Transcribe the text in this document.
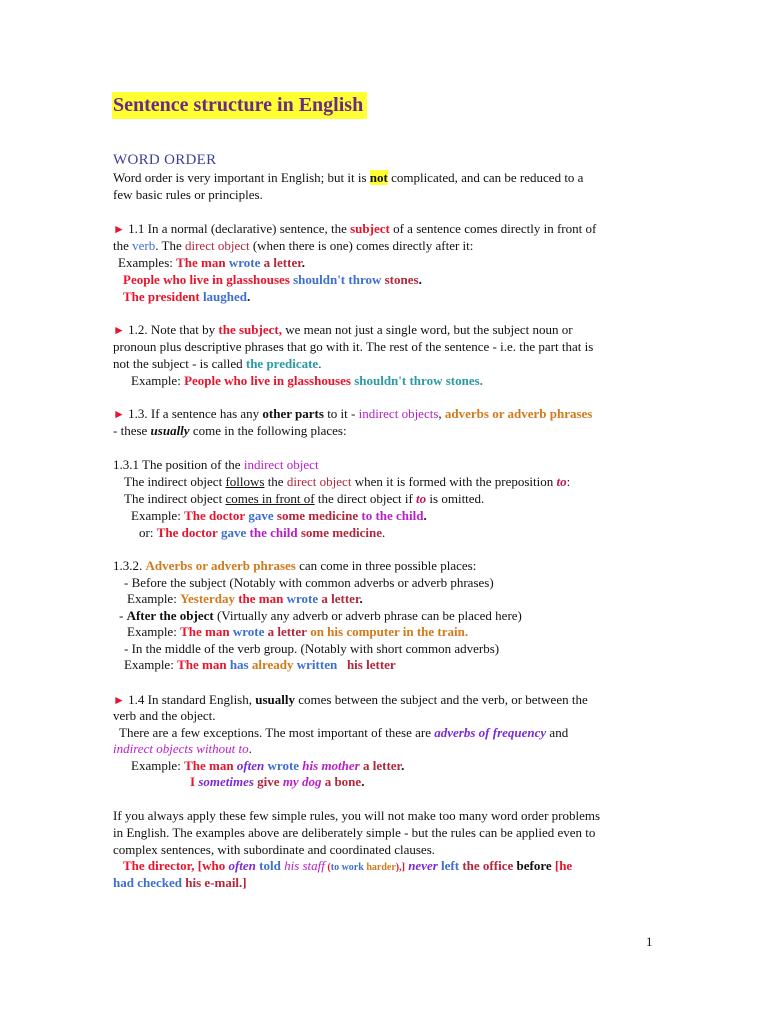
Sentence structure in English
WORD ORDER
Word order is very important in English; but it is not complicated, and can be reduced to a
few basic rules or principles.
► 1.1 In a normal (declarative) sentence, the subject of a sentence comes directly in front of
the verb. The direct object (when there is one) comes directly after it:
Examples: The man wrote a letter.
People who live in glasshouses shouldn't throw stones.
The president laughed.
► 1.2. Note that by the subject, we mean not just a single word, but the subject noun or
pronoun plus descriptive phrases that go with it. The rest of the sentence - i.e. the part that is
not the subject - is called the predicate.
Example: People who live in glasshouses shouldn't throw stones.
► 1.3. If a sentence has any other parts to it - indirect objects, adverbs or adverb phrases
- these usually come in the following places:
1.3.1 The position of the indirect object
The indirect object follows the direct object when it is formed with the preposition to:
The indirect object comes in front of the direct object if to is omitted.
Example: The doctor gave some medicine to the child.
or: The doctor gave the child some medicine.
1.3.2. Adverbs or adverb phrases can come in three possible places:
- Before the subject (Notably with common adverbs or adverb phrases)
Example: Yesterday the man wrote a letter.
- After the object (Virtually any adverb or adverb phrase can be placed here)
Example: The man wrote a letter on his computer in the train.
- In the middle of the verb group. (Notably with short common adverbs)
Example: The man has already written his letter
► 1.4 In standard English, usually comes between the subject and the verb, or between the
verb and the object.
There are a few exceptions. The most important of these are adverbs of frequency and
indirect objects without to.
Example: The man often wrote his mother a letter.
I sometimes give my dog a bone.
If you always apply these few simple rules, you will not make too many word order problems
in English. The examples above are deliberately simple - but the rules can be applied even to
complex sentences, with subordinate and coordinated clauses.
The director, [who often told his staff (to work harder),] never left the office before [he
had checked his e-mail.]
1
